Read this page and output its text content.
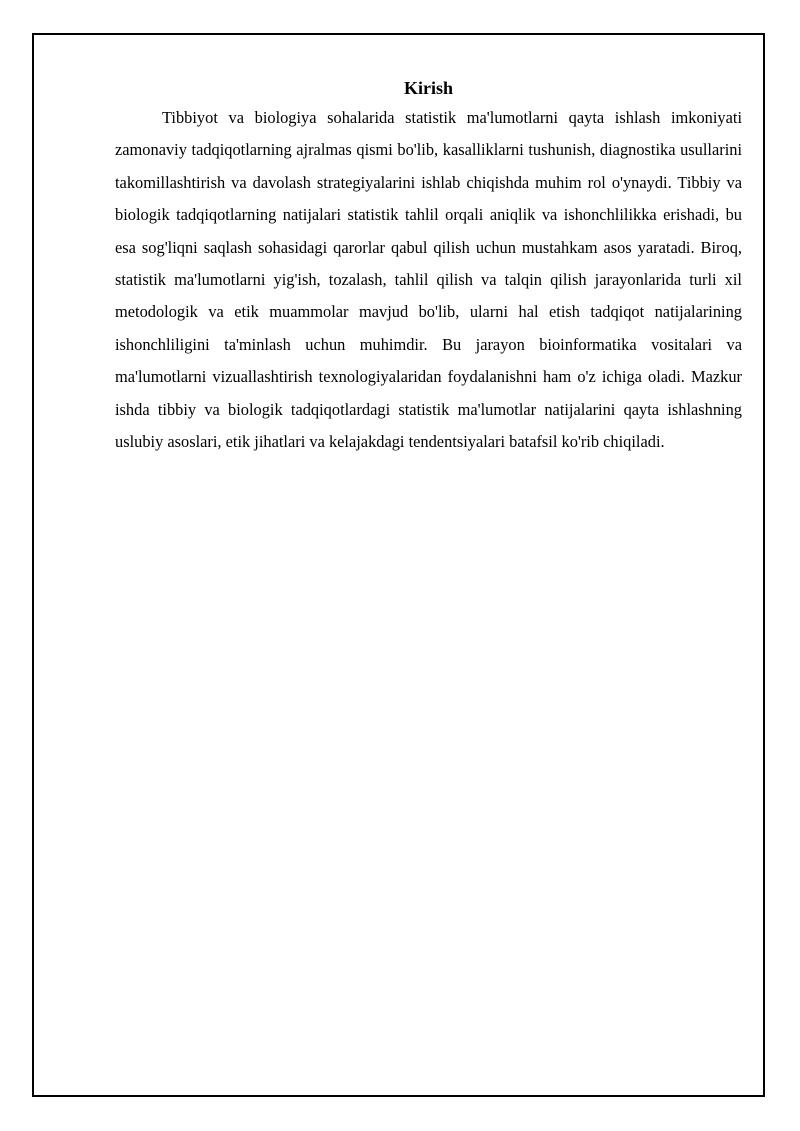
Kirish

Tibbiyot va biologiya sohalarida statistik ma'lumotlarni qayta ishlash imkoniyati zamonaviy tadqiqotlarning ajralmas qismi bo'lib, kasalliklarni tushunish, diagnostika usullarini takomillashtirish va davolash strategiyalarini ishlab chiqishda muhim rol o'ynaydi. Tibbiy va biologik tadqiqotlarning natijalari statistik tahlil orqali aniqlik va ishonchlilikka erishadi, bu esa sog'liqni saqlash sohasidagi qarorlar qabul qilish uchun mustahkam asos yaratadi. Biroq, statistik ma'lumotlarni yig'ish, tozalash, tahlil qilish va talqin qilish jarayonlarida turli xil metodologik va etik muammolar mavjud bo'lib, ularni hal etish tadqiqot natijalarining ishonchliligini ta'minlash uchun muhimdir. Bu jarayon bioinformatika vositalari va ma'lumotlarni vizuallashtirish texnologiyalaridan foydalanishni ham o'z ichiga oladi. Mazkur ishda tibbiy va biologik tadqiqotlardagi statistik ma'lumotlar natijalarini qayta ishlashning uslubiy asoslari, etik jihatlari va kelajakdagi tendentsiyalari batafsil ko'rib chiqiladi.
